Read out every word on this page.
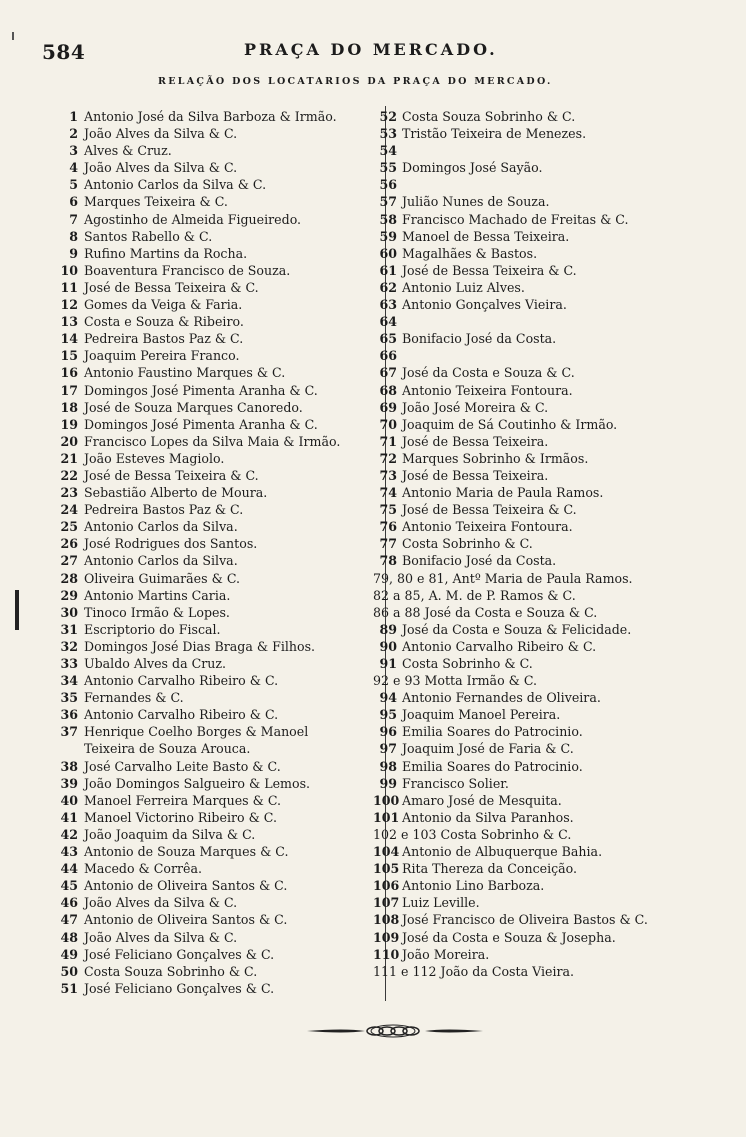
584	PRAÇA DO MERCADO.
RELAÇÃO DOS LOCATARIOS DA PRAÇA DO MERCADO.
1 Antonio José da Silva Barboza & Irmão.
2 João Alves da Silva & C.
3 Alves & Cruz.
4 João Alves da Silva & C.
5 Antonio Carlos da Silva & C.
6 Marques Teixeira & C.
7 Agostinho de Almeida Figueiredo.
8 Santos Rabello & C.
9 Rufino Martins da Rocha.
10 Boaventura Francisco de Souza.
11 José de Bessa Teixeira & C.
12 Gomes da Veiga & Faria.
13 Costa e Souza & Ribeiro.
14 Pedreira Bastos Paz & C.
15 Joaquim Pereira Franco.
16 Antonio Faustino Marques & C.
17 Domingos José Pimenta Aranha & C.
18 José de Souza Marques Canoredo.
19 Domingos José Pimenta Aranha & C.
20 Francisco Lopes da Silva Maia & Irmão.
21 João Esteves Magiolo.
22 José de Bessa Teixeira & C.
23 Sebastião Alberto de Moura.
24 Pedreira Bastos Paz & C.
25 Antonio Carlos da Silva.
26 José Rodrigues dos Santos.
27 Antonio Carlos da Silva.
28 Oliveira Guimarães & C.
29 Antonio Martins Caria.
30 Tinoco Irmão & Lopes.
31 Escriptorio do Fiscal.
32 Domingos José Dias Braga & Filhos.
33 Ubaldo Alves da Cruz.
34 Antonio Carvalho Ribeiro & C.
35 Fernandes & C.
36 Antonio Carvalho Ribeiro & C.
37 Henrique Coelho Borges & Manoel Teixeira de Souza Arouca.
38 José Carvalho Leite Basto & C.
39 João Domingos Salgueiro & Lemos.
40 Manoel Ferreira Marques & C.
41 Manoel Victorino Ribeiro & C.
42 João Joaquim da Silva & C.
43 Antonio de Souza Marques & C.
44 Macedo & Corrêa.
45 Antonio de Oliveira Santos & C.
46 João Alves da Silva & C.
47 Antonio de Oliveira Santos & C.
48 João Alves da Silva & C.
49 José Feliciano Gonçalves & C.
50 Costa Souza Sobrinho & C.
51 José Feliciano Gonçalves & C.
52 Costa Souza Sobrinho & C.
53 Tristão Teixeira de Menezes.
54
55 Domingos José Sayão.
56
57 Julião Nunes de Souza.
58 Francisco Machado de Freitas & C.
59 Manoel de Bessa Teixeira.
60 Magalhães & Bastos.
61 José de Bessa Teixeira & C.
62 Antonio Luiz Alves.
63 Antonio Gonçalves Vieira.
64
65 Bonifacio José da Costa.
66
67 José da Costa e Souza & C.
68 Antonio Teixeira Fontoura.
69 João José Moreira & C.
70 Joaquim de Sá Coutinho & Irmão.
71 José de Bessa Teixeira.
72 Marques Sobrinho & Irmãos.
73 José de Bessa Teixeira.
74 Antonio Maria de Paula Ramos.
75 José de Bessa Teixeira & C.
76 Antonio Teixeira Fontoura.
77 Costa Sobrinho & C.
78 Bonifacio José da Costa.
79, 80 e 81, Antº Maria de Paula Ramos.
82 a 85, A. M. de P. Ramos & C.
86 a 88 José da Costa e Souza & C.
89 José da Costa e Souza & Felicidade.
90 Antonio Carvalho Ribeiro & C.
91 Costa Sobrinho & C.
92 e 93 Motta Irmão & C.
94 Antonio Fernandes de Oliveira.
95 Joaquim Manoel Pereira.
96 Emilia Soares do Patrocinio.
97 Joaquim José de Faria & C.
98 Emilia Soares do Patrocinio.
99 Francisco Solier.
100 Amaro José de Mesquita.
101 Antonio da Silva Paranhos.
102 e 103 Costa Sobrinho & C.
104 Antonio de Albuquerque Bahia.
105 Rita Thereza da Conceição.
106 Antonio Lino Barboza.
107 Luiz Leville.
108 José Francisco de Oliveira Bastos & C.
109 José da Costa e Souza & Josepha.
110 João Moreira.
111 e 112 João da Costa Vieira.
